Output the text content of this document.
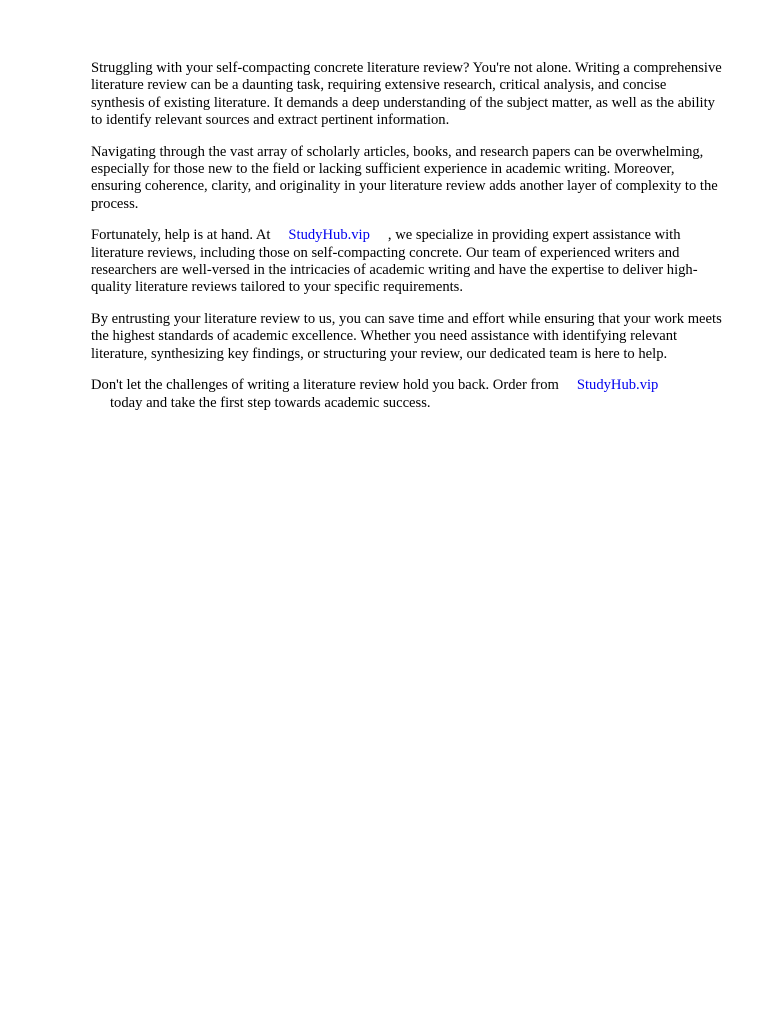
Struggling with your self-compacting concrete literature review? You're not alone. Writing a comprehensive literature review can be a daunting task, requiring extensive research, critical analysis, and concise synthesis of existing literature. It demands a deep understanding of the subject matter, as well as the ability to identify relevant sources and extract pertinent information.

Navigating through the vast array of scholarly articles, books, and research papers can be overwhelming, especially for those new to the field or lacking sufficient experience in academic writing. Moreover, ensuring coherence, clarity, and originality in your literature review adds another layer of complexity to the process.

Fortunately, help is at hand. At StudyHub.vip , we specialize in providing expert assistance with literature reviews, including those on self-compacting concrete. Our team of experienced writers and researchers are well-versed in the intricacies of academic writing and have the expertise to deliver high-quality literature reviews tailored to your specific requirements.

By entrusting your literature review to us, you can save time and effort while ensuring that your work meets the highest standards of academic excellence. Whether you need assistance with identifying relevant literature, synthesizing key findings, or structuring your review, our dedicated team is here to help.

Don't let the challenges of writing a literature review hold you back. Order from StudyHub.vip
today and take the first step towards academic success.
